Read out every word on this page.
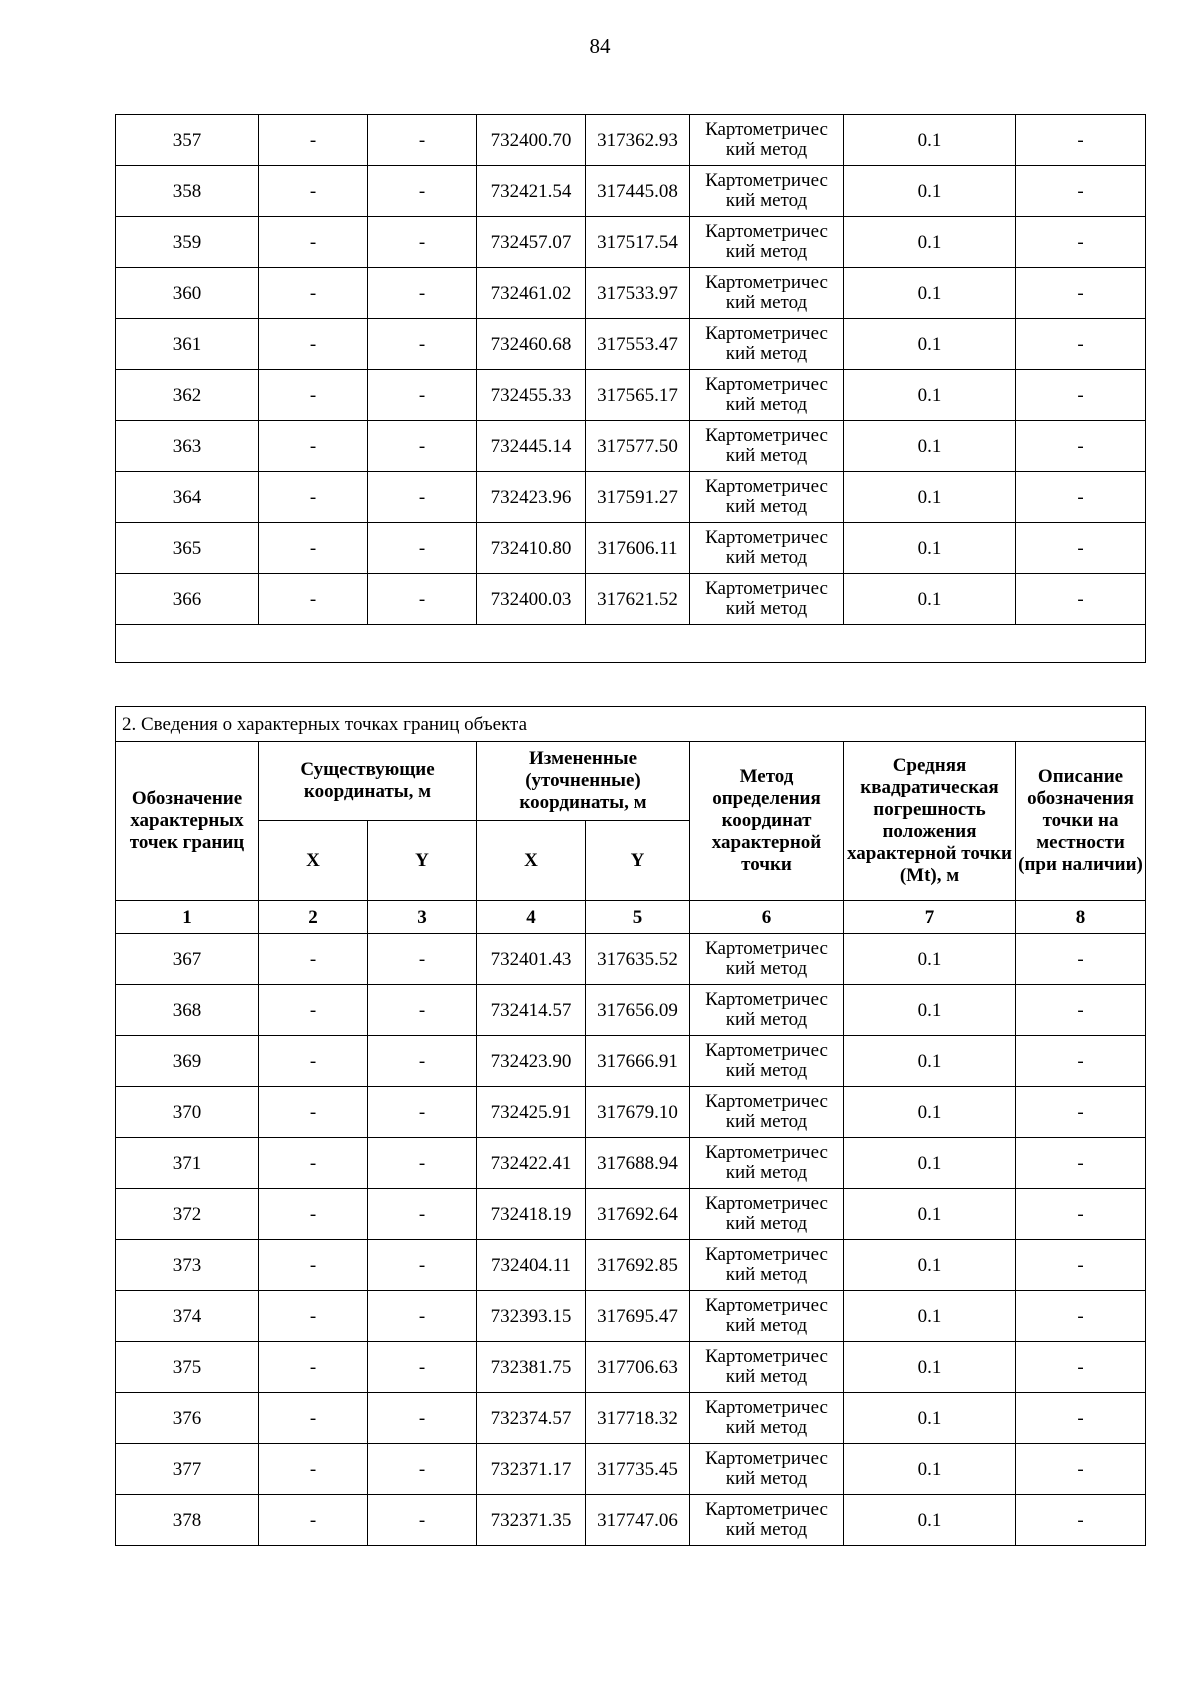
84
357	-	-	732400.70	317362.93	Картометричес кий метод	0.1	-
358	-	-	732421.54	317445.08	Картометричес кий метод	0.1	-
359	-	-	732457.07	317517.54	Картометричес кий метод	0.1	-
360	-	-	732461.02	317533.97	Картометричес кий метод	0.1	-
361	-	-	732460.68	317553.47	Картометричес кий метод	0.1	-
362	-	-	732455.33	317565.17	Картометричес кий метод	0.1	-
363	-	-	732445.14	317577.50	Картометричес кий метод	0.1	-
364	-	-	732423.96	317591.27	Картометричес кий метод	0.1	-
365	-	-	732410.80	317606.11	Картометричес кий метод	0.1	-
366	-	-	732400.03	317621.52	Картометричес кий метод	0.1	-

2. Сведения о характерных точках границ объекта							
Обозначение характерных точек границ	Существующие координаты, м		Измененные (уточненные) координаты, м		Метод определения координат характерной точки	Средняя квадратическая погрешность положения характерной точки (Mt), м	Описание обозначения точки на местности (при наличии)
	X	Y	X	Y			
1	2	3	4	5	6	7	8
367	-	-	732401.43	317635.52	Картометричес кий метод	0.1	-
368	-	-	732414.57	317656.09	Картометричес кий метод	0.1	-
369	-	-	732423.90	317666.91	Картометричес кий метод	0.1	-
370	-	-	732425.91	317679.10	Картометричес кий метод	0.1	-
371	-	-	732422.41	317688.94	Картометричес кий метод	0.1	-
372	-	-	732418.19	317692.64	Картометричес кий метод	0.1	-
373	-	-	732404.11	317692.85	Картометричес кий метод	0.1	-
374	-	-	732393.15	317695.47	Картометричес кий метод	0.1	-
375	-	-	732381.75	317706.63	Картометричес кий метод	0.1	-
376	-	-	732374.57	317718.32	Картометричес кий метод	0.1	-
377	-	-	732371.17	317735.45	Картометричес кий метод	0.1	-
378	-	-	732371.35	317747.06	Картометричес кий метод	0.1	-
